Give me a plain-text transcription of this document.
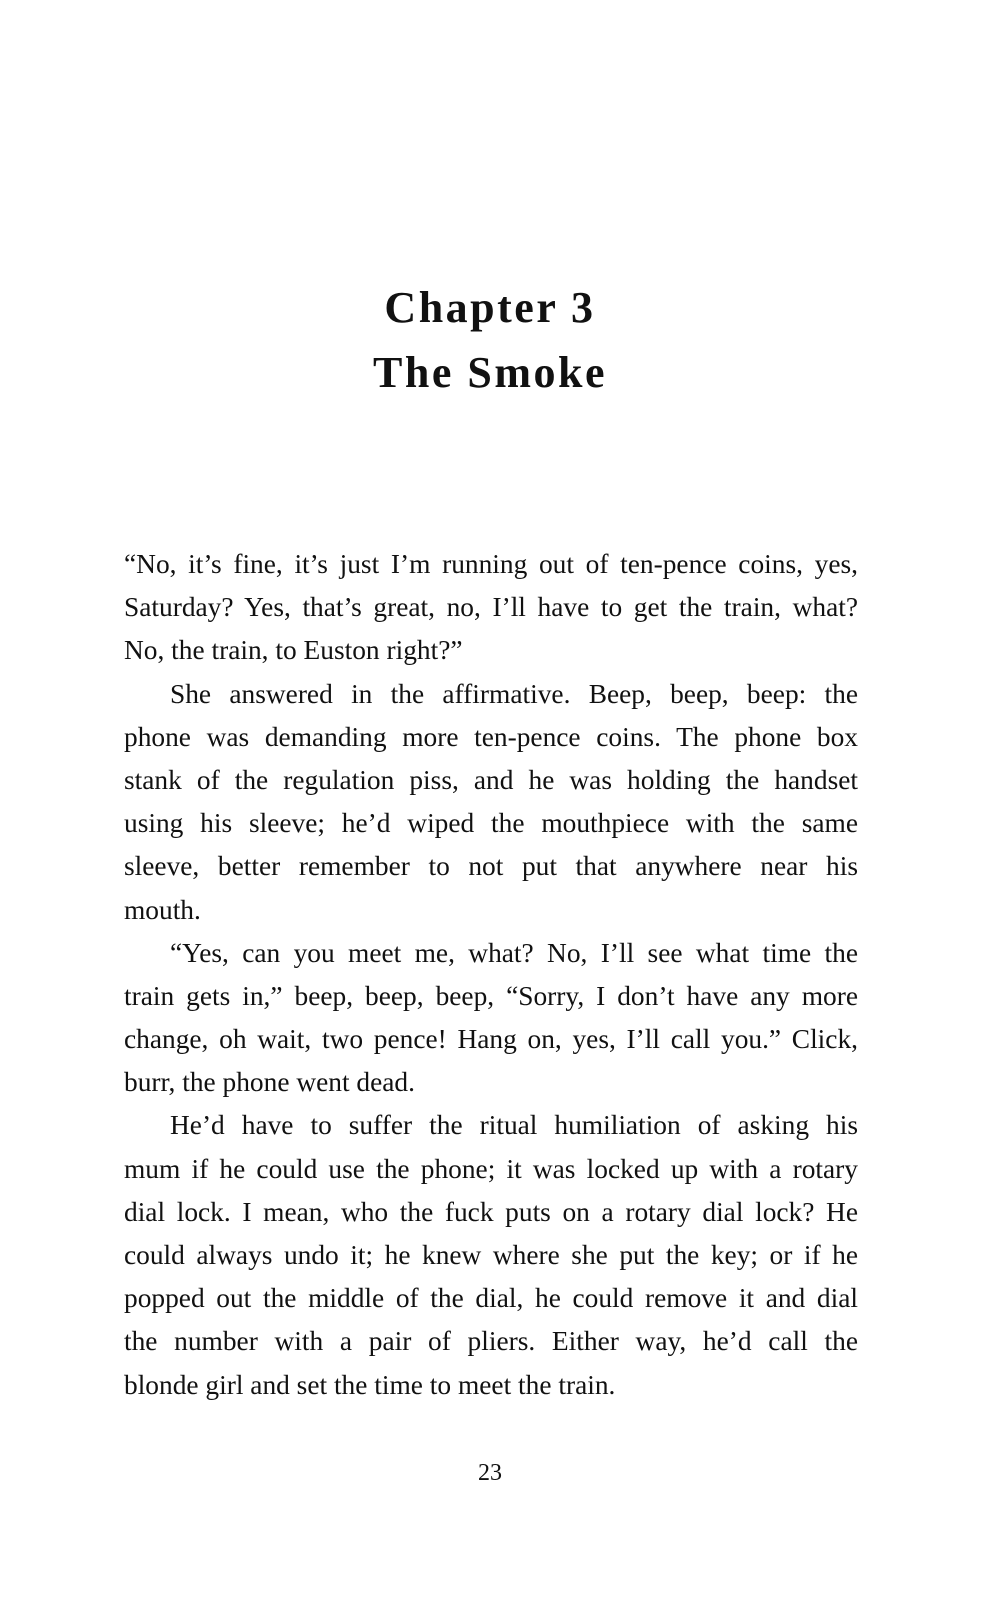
Chapter 3
The Smoke
“No, it’s fine, it’s just I’m running out of ten-pence coins, yes,
Saturday? Yes, that’s great, no, I’ll have to get the train, what?
No, the train, to Euston right?”
She answered in the affirmative. Beep, beep, beep: the
phone was demanding more ten-pence coins. The phone box
stank of the regulation piss, and he was holding the handset
using his sleeve; he’d wiped the mouthpiece with the same
sleeve, better remember to not put that anywhere near his
mouth.
“Yes, can you meet me, what? No, I’ll see what time the
train gets in,” beep, beep, beep, “Sorry, I don’t have any more
change, oh wait, two pence! Hang on, yes, I’ll call you.” Click,
burr, the phone went dead.
He’d have to suffer the ritual humiliation of asking his
mum if he could use the phone; it was locked up with a rotary
dial lock. I mean, who the fuck puts on a rotary dial lock? He
could always undo it; he knew where she put the key; or if he
popped out the middle of the dial, he could remove it and dial
the number with a pair of pliers. Either way, he’d call the
blonde girl and set the time to meet the train.
23
